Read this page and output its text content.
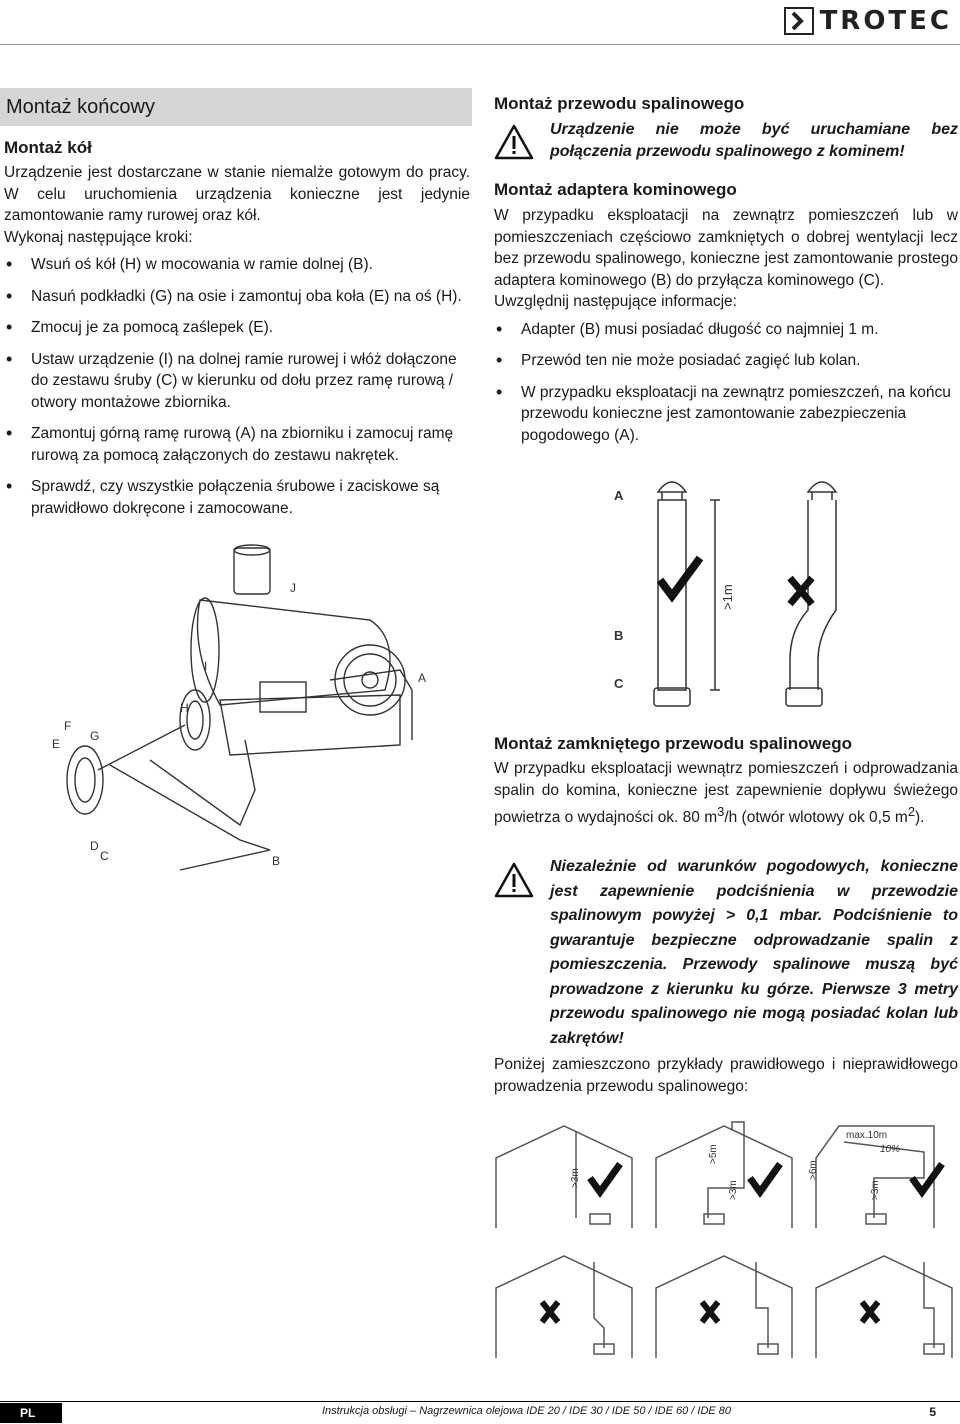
TROTEC
Montaż końcowy
Montaż kół
Urządzenie jest dostarczane w stanie niemalże gotowym do pracy. W celu uruchomienia urządzenia konieczne jest jedynie zamontowanie ramy rurowej oraz kół.
Wykonaj następujące kroki:
• Wsuń oś kół (H) w mocowania w ramie dolnej (B).
• Nasuń podkładki (G) na osie i zamontuj oba koła (E) na oś (H).
• Zmocuj je za pomocą zaślepek (E).
• Ustaw urządzenie (I) na dolnej ramie rurowej i włóż dołączone do zestawu śruby (C) w kierunku od dołu przez ramę rurową / otwory montażowe zbiornika.
• Zamontuj górną ramę rurową (A) na zbiorniku i zamocuj ramę rurową za pomocą załączonych do zestawu nakrętek.
• Sprawdź, czy wszystkie połączenia śrubowe i zaciskowe są prawidłowo dokręcone i zamocowane.
J
I
A
F
H
E
G
D
C	B
Montaż przewodu spalinowego
Urządzenie nie może być uruchamiane bez połączenia przewodu spalinowego z kominem!
Montaż adaptera kominowego
W przypadku eksploatacji na zewnątrz pomieszczeń lub w pomieszczeniach częściowo zamkniętych o dobrej wentylacji lecz bez przewodu spalinowego, konieczne jest zamontowanie prostego adaptera kominowego (B) do przyłącza kominowego (C).
Uwzględnij następujące informacje:
• Adapter (B) musi posiadać długość co najmniej 1 m.
• Przewód ten nie może posiadać zagięć lub kolan.
• W przypadku eksploatacji na zewnątrz pomieszczeń, na końcu przewodu konieczne jest zamontowanie zabezpieczenia pogodowego (A).
>1m
A
B
C
Montaż zamkniętego przewodu spalinowego
W przypadku eksploatacji wewnątrz pomieszczeń i odprowadzania spalin do komina, konieczne jest zapewnienie dopływu świeżego powietrza o wydajności ok. 80 $m^3/h$ (otwór wlotowy ok 0,5 $m^2$).
Niezależnie od warunków pogodowych, konieczne jest zapewnienie podciśnienia w przewodzie spalinowym powyżej > 0,1 mbar. Podciśnienie to gwarantuje bezpieczne odprowadzanie spalin z pomieszczenia. Przewody spalinowe muszą być prowadzone z kierunku ku górze. Pierwsze 3 metry przewodu spalinowego nie mogą posiadać kolan lub zakrętów!
Poniżej zamieszczono przykłady prawidłowego i nieprawidłowego prowadzenia przewodu spalinowego:
>3m
>5m
>3m
>6m
>3m
max.10m
10%
PL	Instrukcja obsługi – Nagrzewnica olejowa IDE 20 / IDE 30 / IDE 50 / IDE 60 / IDE 80	5
